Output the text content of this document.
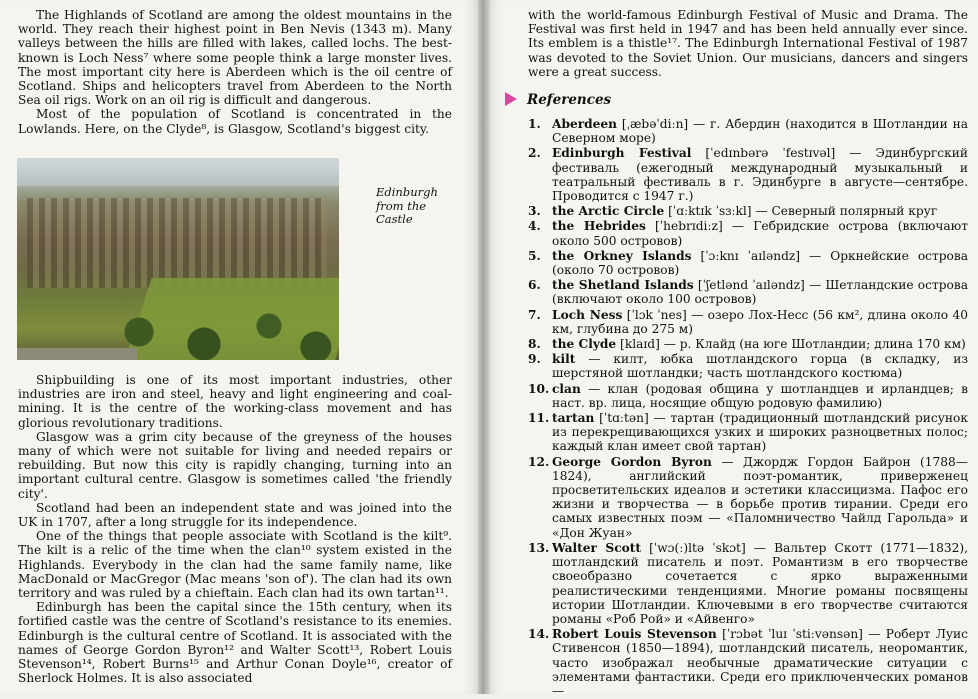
The Highlands of Scotland are among the oldest mountains in the world. They reach their highest point in Ben Nevis (1343 m). Many valleys between the hills are filled with lakes, called lochs. The best-known is Loch Ness⁷ where some people think a large monster lives. The most important city here is Aberdeen which is the oil centre of Scotland. Ships and helicopters travel from Aberdeen to the North Sea oil rigs. Work on an oil rig is difficult and dangerous.

Most of the population of Scotland is concentrated in the Lowlands. Here, on the Clyde⁸, is Glasgow, Scotland's biggest city.

Edinburgh from the Castle

Shipbuilding is one of its most important industries, other industries are iron and steel, heavy and light engineering and coal-mining. It is the centre of the working-class movement and has glorious revolutionary traditions.

Glasgow was a grim city because of the greyness of the houses many of which were not suitable for living and needed repairs or rebuilding. But now this city is rapidly changing, turning into an important cultural centre. Glasgow is sometimes called 'the friendly city'.

Scotland had been an independent state and was joined into the UK in 1707, after a long struggle for its independence.

One of the things that people associate with Scotland is the kilt⁹. The kilt is a relic of the time when the clan¹⁰ system existed in the Highlands. Everybody in the clan had the same family name, like MacDonald or MacGregor (Mac means 'son of'). The clan had its own territory and was ruled by a chieftain. Each clan had its own tartan¹¹.

Edinburgh has been the capital since the 15th century, when its fortified castle was the centre of Scotland's resistance to its enemies. Edinburgh is the cultural centre of Scotland. It is associated with the names of George Gordon Byron¹² and Walter Scott¹³, Robert Louis Stevenson¹⁴, Robert Burns¹⁵ and Arthur Conan Doyle¹⁶, creator of Sherlock Holmes. It is also associated

with the world-famous Edinburgh Festival of Music and Drama. The Festival was first held in 1947 and has been held annually ever since. Its emblem is a thistle¹⁷. The Edinburgh International Festival of 1987 was devoted to the Soviet Union. Our musicians, dancers and singers were a great success.

References
1. Aberdeen [ˌæbəˈdiːn] — г. Абердин (находится в Шотландии на Северном море)
2. Edinburgh Festival [ˈedɪnbərə ˈfestɪvəl] — Эдинбургский фестиваль (ежегодный международный музыкальный и театральный фестиваль в г. Эдинбурге в августе—сентябре. Проводится с 1947 г.)
3. the Arctic Circle [ˈɑːktɪk ˈsɜːkl] — Северный полярный круг
4. the Hebrides [ˈhebrɪdiːz] — Гебридские острова (включают около 500 островов)
5. the Orkney Islands [ˈɔːknɪ ˈaɪləndz] — Оркнейские острова (около 70 островов)
6. the Shetland Islands [ˈʃetlənd ˈaɪləndz] — Шетландские острова (включают около 100 островов)
7. Loch Ness [ˈlɔk ˈnes] — озеро Лох-Несс (56 км², длина около 40 км, глубина до 275 м)
8. the Clyde [klaɪd] — р. Клайд (на юге Шотландии; длина 170 км)
9. kilt — килт, юбка шотландского горца (в складку, из шерстяной шотландки; часть шотландского костюма)
10. clan — клан (родовая община у шотландцев и ирландцев; в наст. вр. лица, носящие общую родовую фамилию)
11. tartan [ˈtɑːtən] — тартан (традиционный шотландский рисунок из перекрещивающихся узких и широких разноцветных полос; каждый клан имеет свой тартан)
12. George Gordon Byron — Джордж Гордон Байрон (1788—1824), английский поэт-романтик, приверженец просветительских идеалов и эстетики классицизма. Пафос его жизни и творчества — в борьбе против тирании. Среди его самых известных поэм — «Паломничество Чайлд Гарольда» и «Дон Жуан»
13. Walter Scott [ˈwɔ(ː)ltə ˈskɔt] — Вальтер Скотт (1771—1832), шотландский писатель и поэт. Романтизм в его творчестве своеобразно сочетается с ярко выраженными реалистическими тенденциями. Многие романы посвящены истории Шотландии. Ключевыми в его творчестве считаются романы «Роб Рой» и «Айвенго»
14. Robert Louis Stevenson [ˈrɔbət ˈluɪ ˈstiːvənsən] — Роберт Луис Стивенсон (1850—1894), шотландский писатель, неоромантик, часто изображал необычные драматические ситуации с элементами фантастики. Среди его приключенческих романов —
